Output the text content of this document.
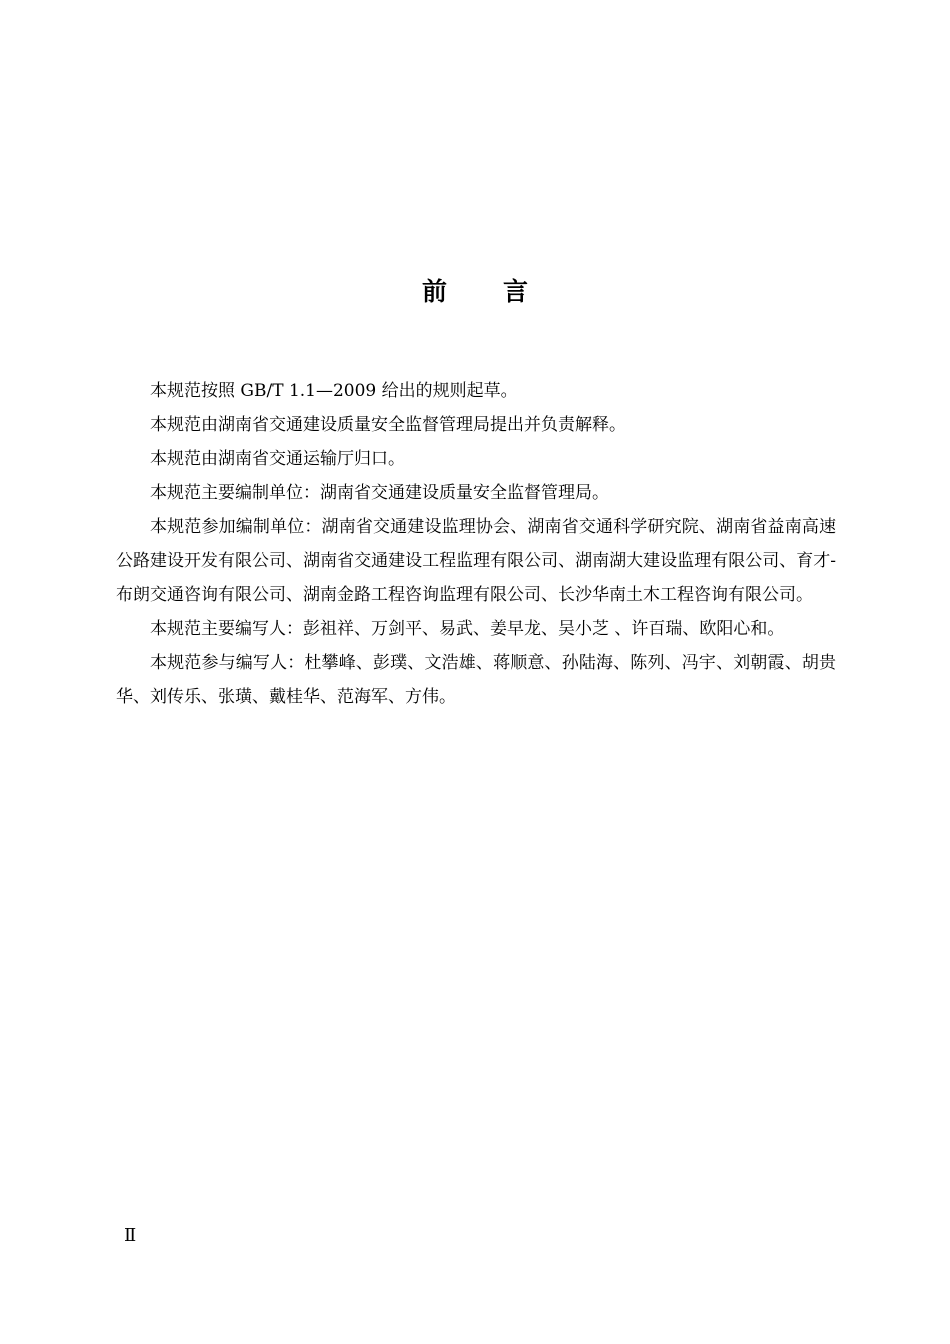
前 言

本规范按照 GB/T 1.1—2009 给出的规则起草。

本规范由湖南省交通建设质量安全监督管理局提出并负责解释。

本规范由湖南省交通运输厅归口。

本规范主要编制单位：湖南省交通建设质量安全监督管理局。

本规范参加编制单位：湖南省交通建设监理协会、湖南省交通科学研究院、湖南省益南高速公路建设开发有限公司、湖南省交通建设工程监理有限公司、湖南湖大建设监理有限公司、育才-布朗交通咨询有限公司、湖南金路工程咨询监理有限公司、长沙华南土木工程咨询有限公司。

本规范主要编写人：彭祖祥、万剑平、易武、姜早龙、吴小芝 、许百瑞、欧阳心和。

本规范参与编写人：杜攀峰、彭璞、文浩雄、蒋顺意、孙陆海、陈列、冯宇、刘朝霞、胡贵华、刘传乐、张璜、戴桂华、范海军、方伟。

Ⅱ
